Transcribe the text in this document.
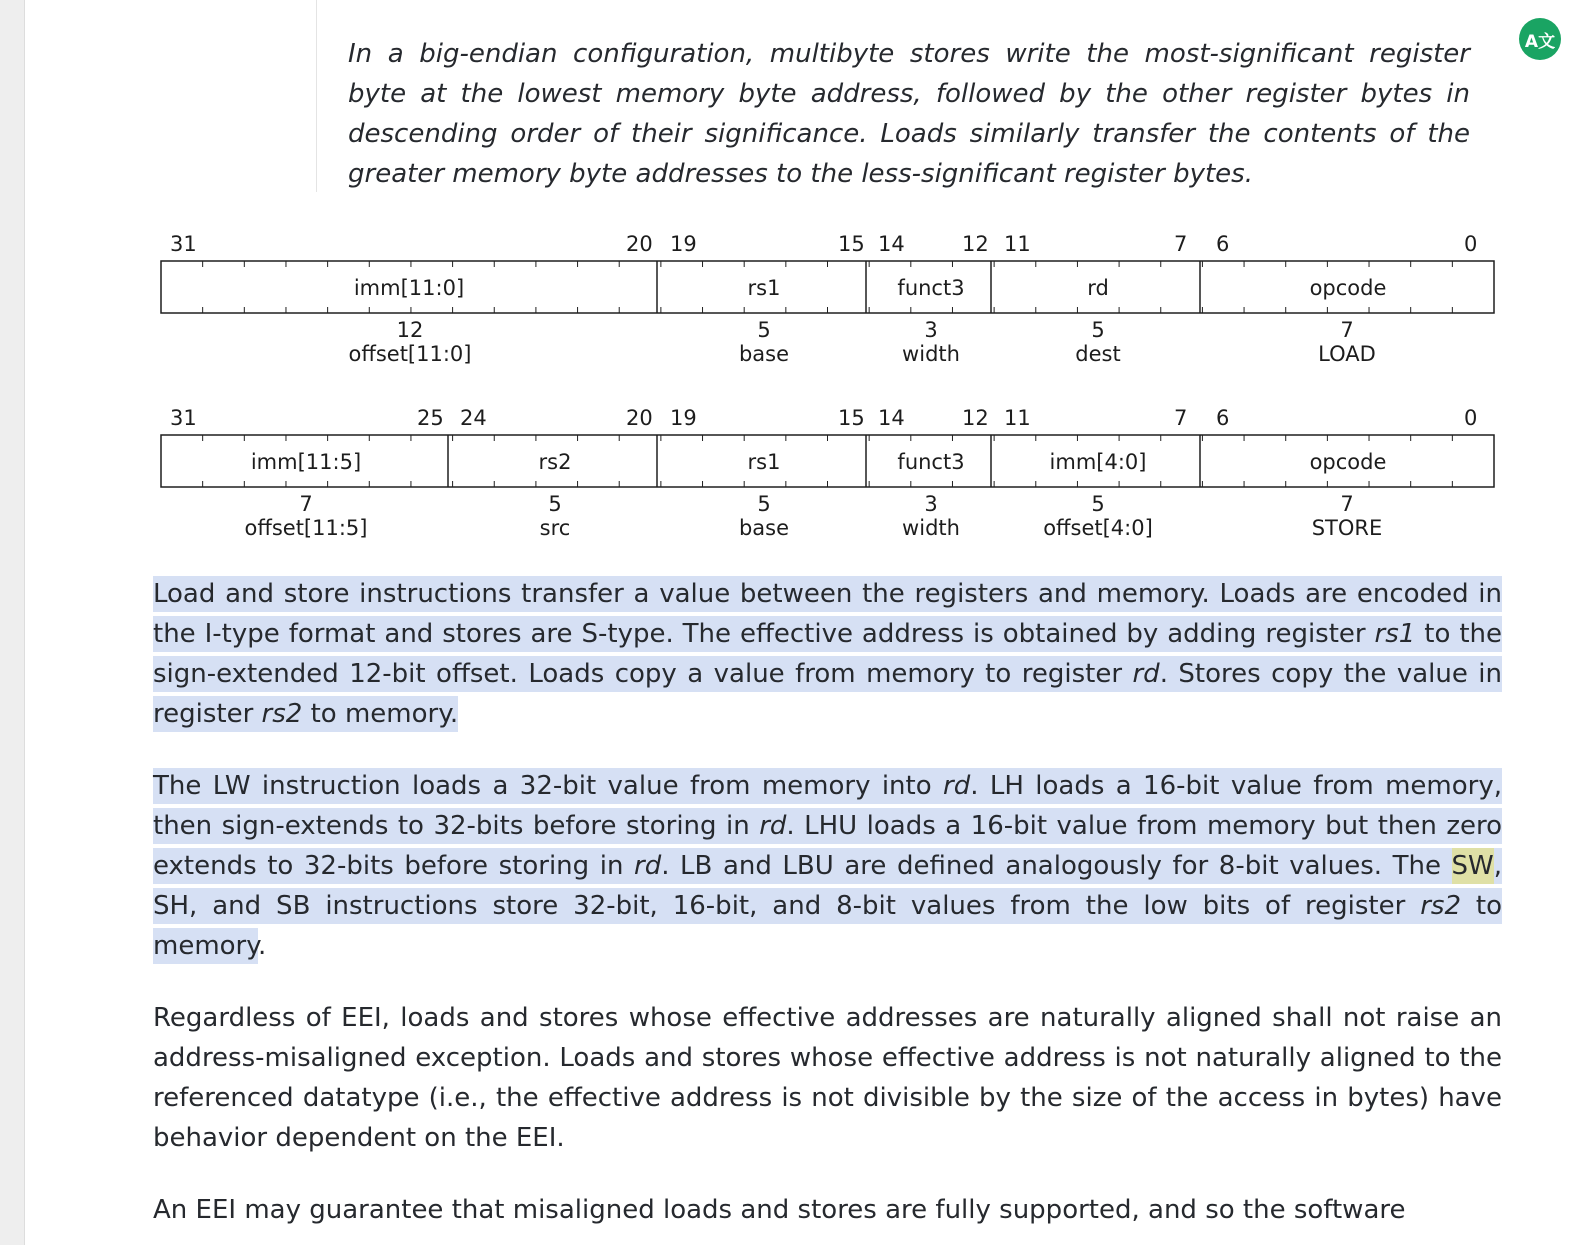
In a big-endian configuration, multibyte stores write the most-significant register byte at the lowest memory byte address, followed by the other register bytes in descending order of their significance. Loads similarly transfer the contents of the greater memory byte addresses to the less-significant register bytes.

A文
31	20 19	15 14	12 11	7 6	0
imm[11:0]	rs1	funct3	rd	opcode
12	5	3	5	7
offset[11:0]	base	width	dest	LOAD
31	25 24	20 19	15 14	12 11	7 6	0
imm[11:5]	rs2	rs1	funct3	imm[4:0]	opcode
7	5	5	3	5	7
offset[11:5]	src	base	width	offset[4:0]	STORE

Load and store instructions transfer a value between the registers and memory. Loads are encoded in the I-type format and stores are S-type. The effective address is obtained by adding register rs1 to the sign-extended 12-bit offset. Loads copy a value from memory to register rd. Stores copy the value in register rs2 to memory.

The LW instruction loads a 32-bit value from memory into rd. LH loads a 16-bit value from memory, then sign-extends to 32-bits before storing in rd. LHU loads a 16-bit value from memory but then zero extends to 32-bits before storing in rd. LB and LBU are defined analogously for 8-bit values. The SW, SH, and SB instructions store 32-bit, 16-bit, and 8-bit values from the low bits of register rs2 to memory.

Regardless of EEI, loads and stores whose effective addresses are naturally aligned shall not raise an address-misaligned exception. Loads and stores whose effective address is not naturally aligned to the referenced datatype (i.e., the effective address is not divisible by the size of the access in bytes) have behavior dependent on the EEI.

An EEI may guarantee that misaligned loads and stores are fully supported, and so the software
